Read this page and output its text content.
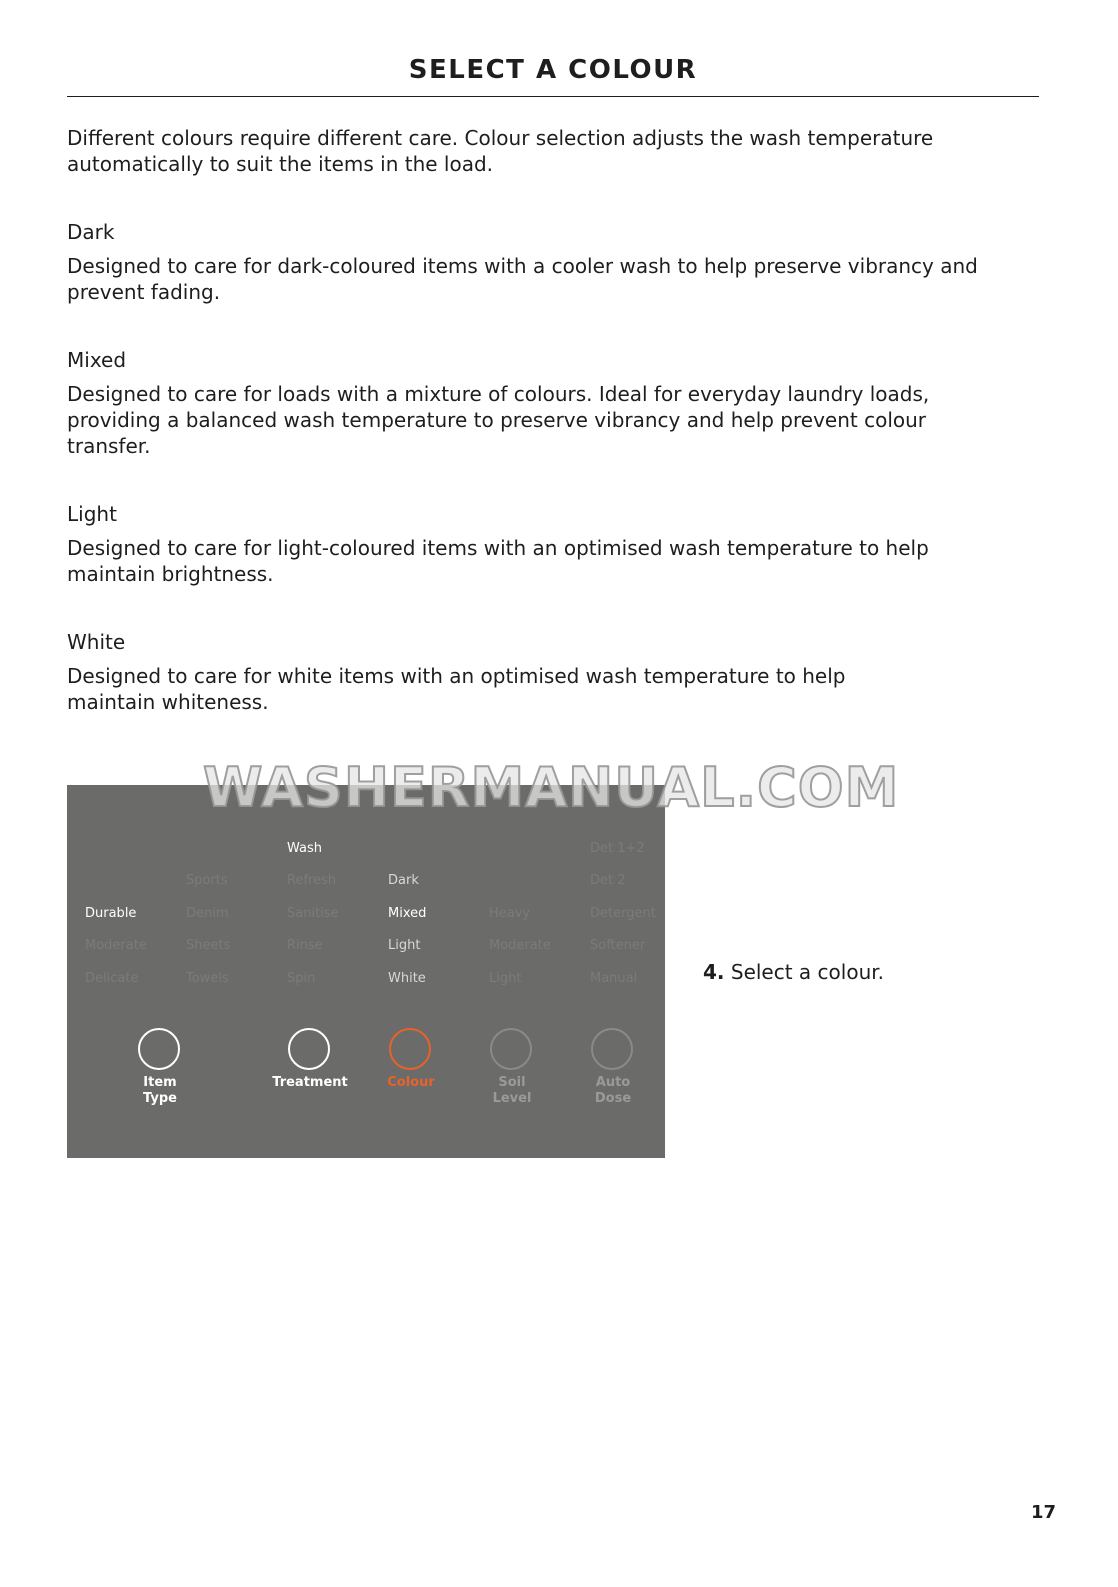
SELECT A COLOUR

Different colours require different care. Colour selection adjusts the wash temperature automatically to suit the items in the load.

Dark

Designed to care for dark-coloured items with a cooler wash to help preserve vibrancy and prevent fading.

Mixed

Designed to care for loads with a mixture of colours. Ideal for everyday laundry loads, providing a balanced wash temperature to preserve vibrancy and help prevent colour transfer.

Light

Designed to care for light-coloured items with an optimised wash temperature to help maintain brightness.

White

Designed to care for white items with an optimised wash temperature to help maintain whiteness.

Durable
Moderate
Delicate
Sports
Denim
Sheets
Towels
Wash
Refresh
Sanitise
Rinse
Spin
Dark
Mixed
Light
White
Heavy
Moderate
Light
Det 1+2
Det 2
Detergent
Softener
Manual
Item
Type
Treatment	Colour	Soil
Level
Auto
Dose
WASHERMANUAL.COM
4. Select a colour.
17
